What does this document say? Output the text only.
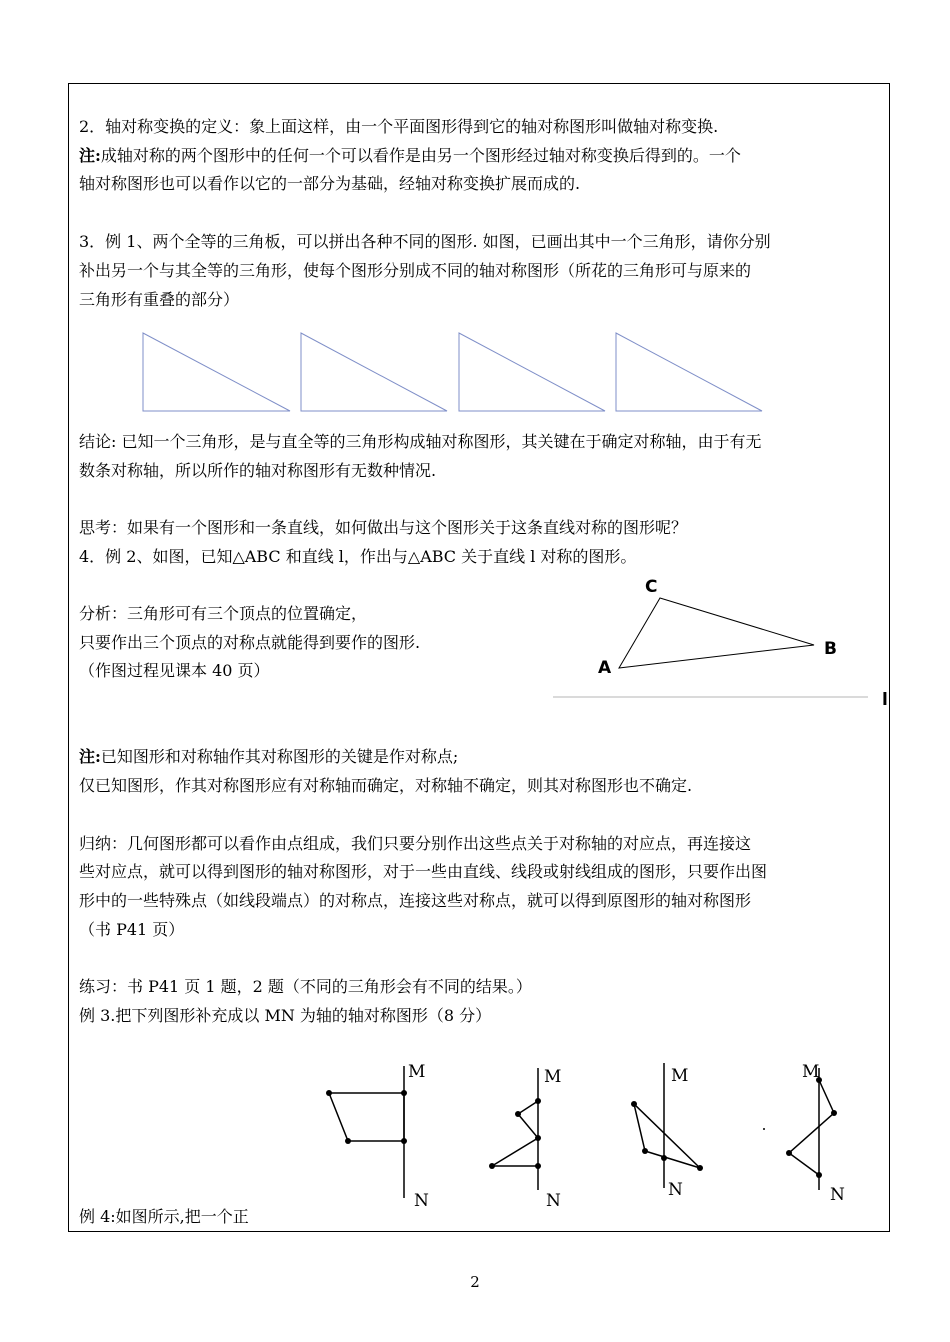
2．轴对称变换的定义：象上面这样，由一个平面图形得到它的轴对称图形叫做轴对称变换.
注:成轴对称的两个图形中的任何一个可以看作是由另一个图形经过轴对称变换后得到的。一个
轴对称图形也可以看作以它的一部分为基础，经轴对称变换扩展而成的.
3．例 1、两个全等的三角板，可以拼出各种不同的图形. 如图，已画出其中一个三角形，请你分别
补出另一个与其全等的三角形，使每个图形分别成不同的轴对称图形（所花的三角形可与原来的
三角形有重叠的部分）
C
B
A
l
M
N
M
N
M
N
M
N
结论: 已知一个三角形，是与直全等的三角形构成轴对称图形，其关键在于确定对称轴，由于有无
数条对称轴，所以所作的轴对称图形有无数种情况.
思考：如果有一个图形和一条直线，如何做出与这个图形关于这条直线对称的图形呢？
4．例 2、如图，已知△ABC 和直线 l，作出与△ABC 关于直线 l 对称的图形。
分析：三角形可有三个顶点的位置确定，
只要作出三个顶点的对称点就能得到要作的图形.
（作图过程见课本 40 页）
注:已知图形和对称轴作其对称图形的关键是作对称点;
仅已知图形，作其对称图形应有对称轴而确定，对称轴不确定，则其对称图形也不确定.
归纳：几何图形都可以看作由点组成，我们只要分别作出这些点关于对称轴的对应点，再连接这
些对应点，就可以得到图形的轴对称图形，对于一些由直线、线段或射线组成的图形，只要作出图
形中的一些特殊点（如线段端点）的对称点，连接这些对称点，就可以得到原图形的轴对称图形
（书 P41 页）
练习：书 P41 页 1 题，2 题（不同的三角形会有不同的结果。）
例 3.把下列图形补充成以 MN 为轴的轴对称图形（8 分）
例 4:如图所示,把一个正
2
